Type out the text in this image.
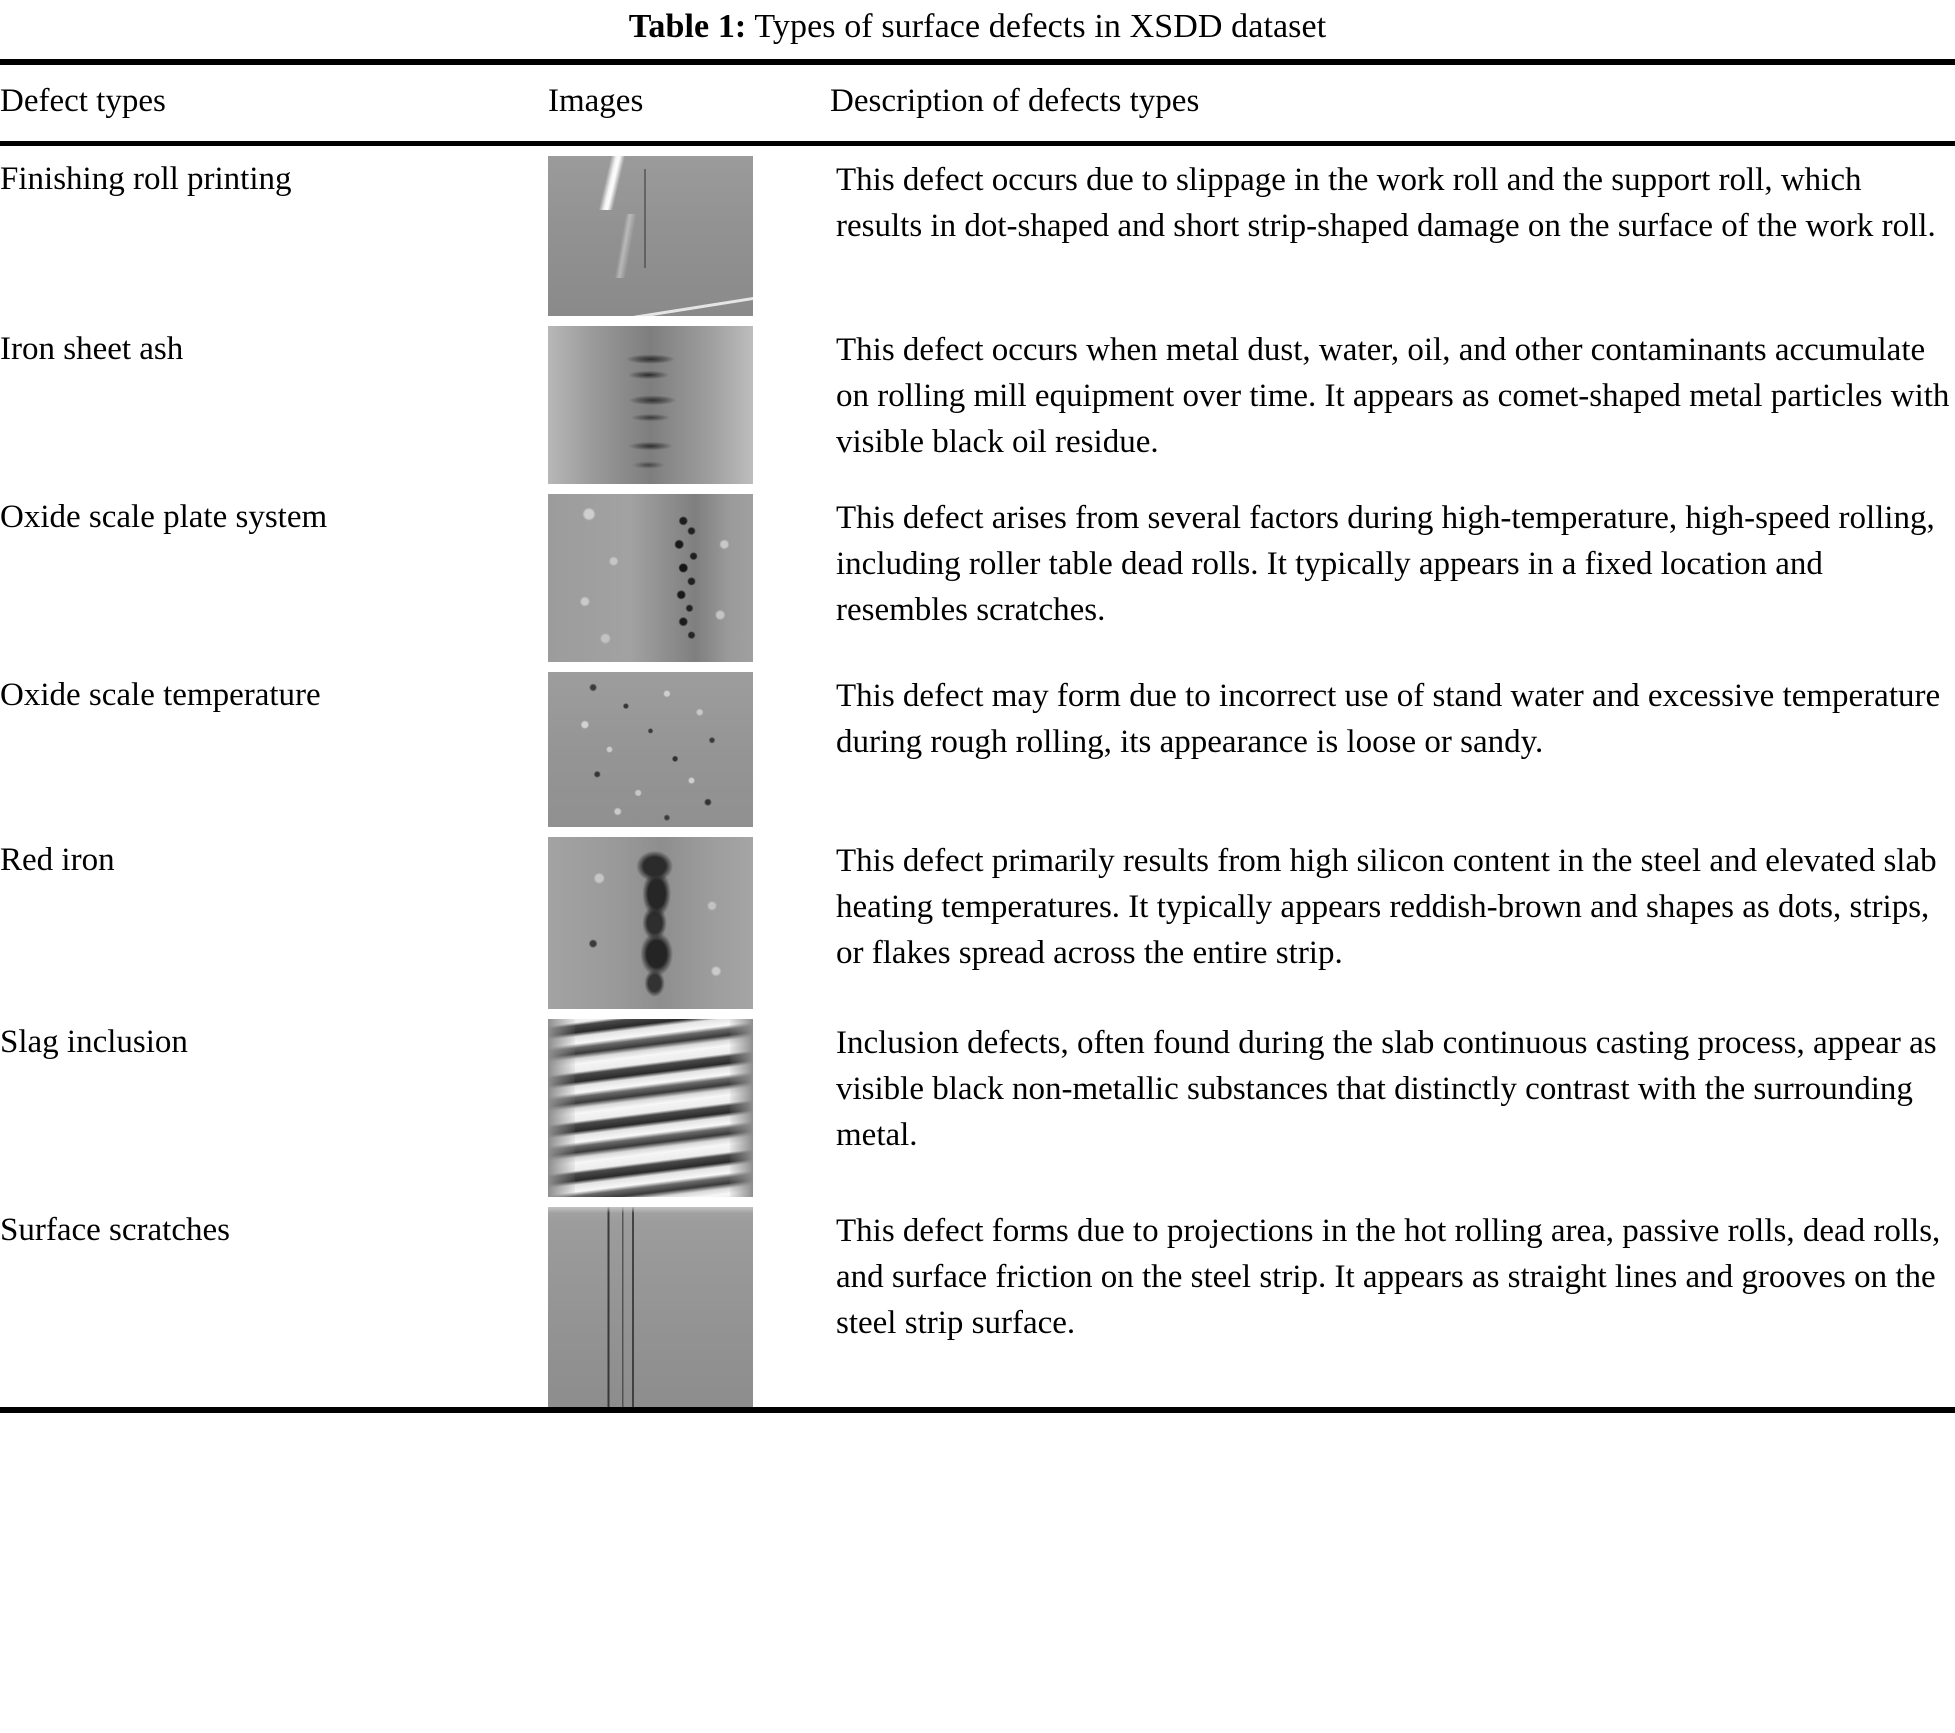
Table 1: Types of surface defects in XSDD dataset
Defect types	Images	Description of defects types
Finishing roll printing		This defect occurs due to slippage in the work roll and the support roll, which results in dot-shaped and short strip-shaped damage on the surface of the work roll.
Iron sheet ash		This defect occurs when metal dust, water, oil, and other contaminants accumulate on rolling mill equipment over time. It appears as comet-shaped metal particles with visible black oil residue.
Oxide scale plate system		This defect arises from several factors during high-temperature, high-speed rolling, including roller table dead rolls. It typically appears in a fixed location and resembles scratches.
Oxide scale temperature		This defect may form due to incorrect use of stand water and excessive temperature during rough rolling, its appearance is loose or sandy.
Red iron		This defect primarily results from high silicon content in the steel and elevated slab heating temperatures. It typically appears reddish-brown and shapes as dots, strips, or flakes spread across the entire strip.
Slag inclusion		Inclusion defects, often found during the slab continuous casting process, appear as visible black non-metallic substances that distinctly contrast with the surrounding metal.
Surface scratches		This defect forms due to projections in the hot rolling area, passive rolls, dead rolls, and surface friction on the steel strip. It appears as straight lines and grooves on the steel strip surface.
